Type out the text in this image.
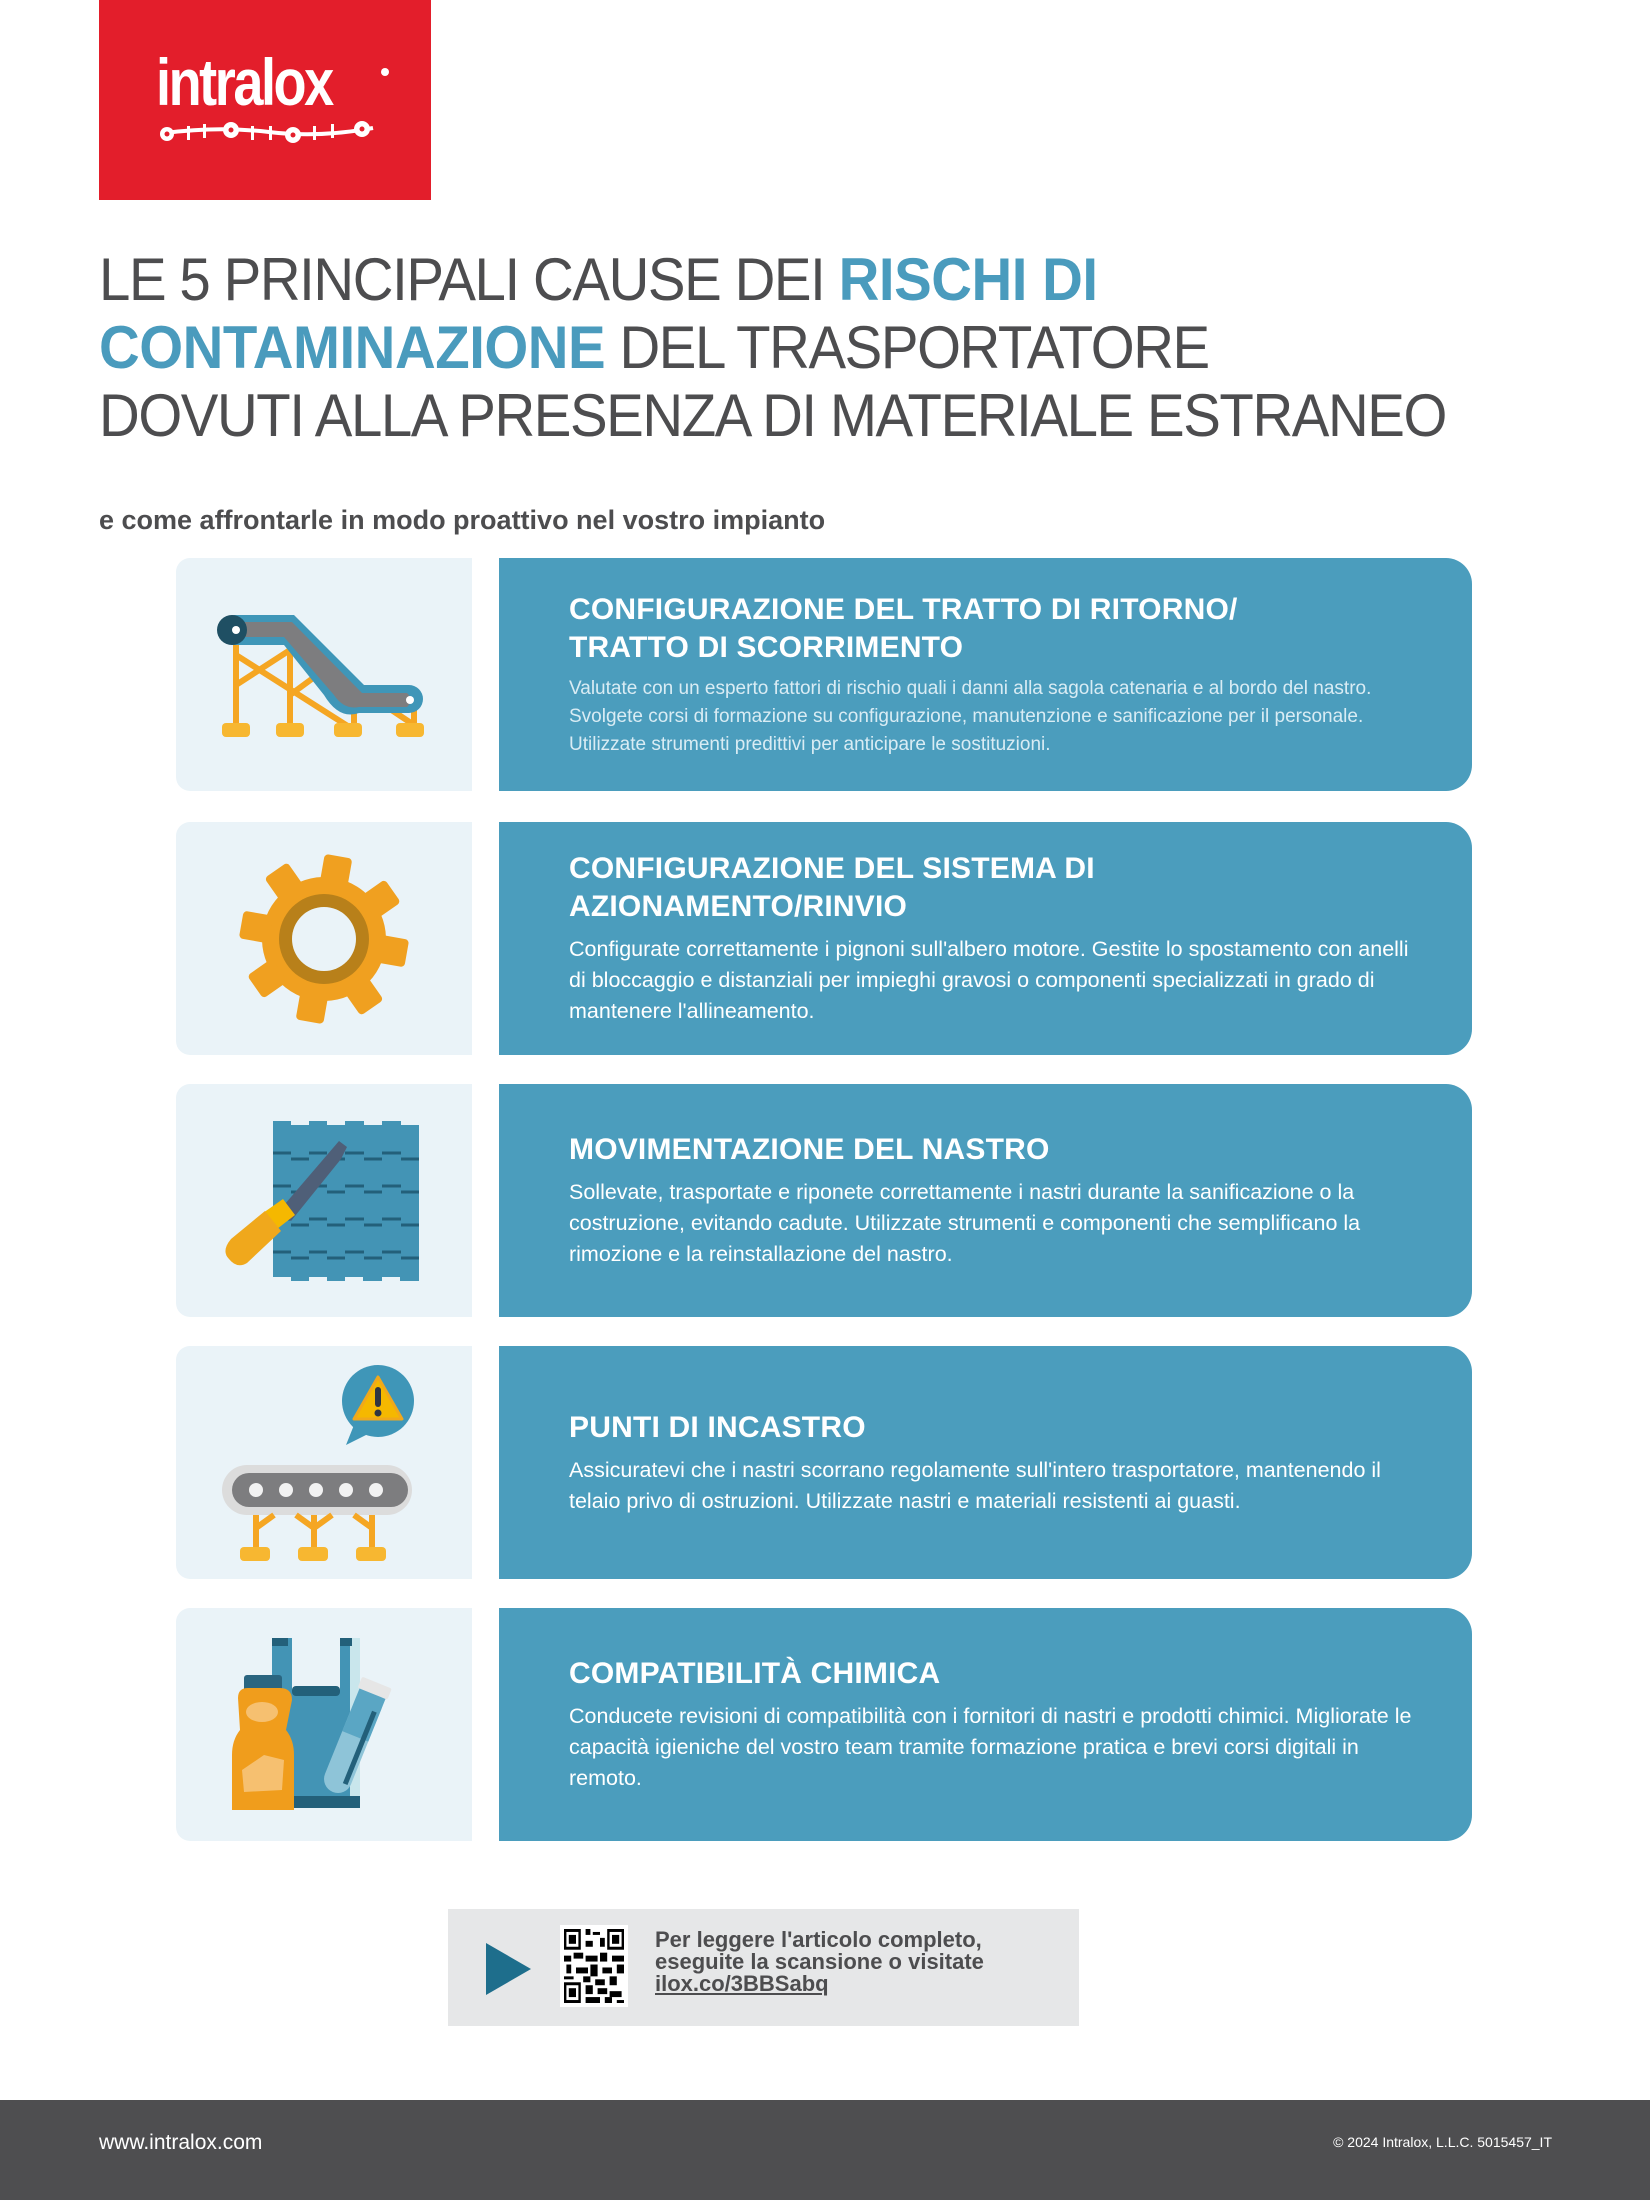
intralox
LE 5 PRINCIPALI CAUSE DEI RISCHI DI
CONTAMINAZIONE DEL TRASPORTATORE
DOVUTI ALLA PRESENZA DI MATERIALE ESTRANEO
e come affrontarle in modo proattivo nel vostro impianto
CONFIGURAZIONE DEL TRATTO DI RITORNO/
TRATTO DI SCORRIMENTO
Valutate con un esperto fattori di rischio quali i danni alla sagola catenaria e al bordo del nastro. Svolgete corsi di formazione su configurazione, manutenzione e sanificazione per il personale. Utilizzate strumenti predittivi per anticipare le sostituzioni.
CONFIGURAZIONE DEL SISTEMA DI
AZIONAMENTO/RINVIO
Configurate correttamente i pignoni sull'albero motore. Gestite lo spostamento con anelli di bloccaggio e distanziali per impieghi gravosi o componenti specializzati in grado di mantenere l'allineamento.
MOVIMENTAZIONE DEL NASTRO
Sollevate, trasportate e riponete correttamente i nastri durante la sanificazione o la costruzione, evitando cadute. Utilizzate strumenti e componenti che semplificano la rimozione e la reinstallazione del nastro.
PUNTI DI INCASTRO
Assicuratevi che i nastri scorrano regolamente sull'intero trasportatore, mantenendo il telaio privo di ostruzioni. Utilizzate nastri e materiali resistenti ai guasti.
COMPATIBILITÀ CHIMICA
Conducete revisioni di compatibilità con i fornitori di nastri e prodotti chimici. Migliorate le capacità igieniche del vostro team tramite formazione pratica e brevi corsi digitali in remoto.
Per leggere l'articolo completo,
eseguite la scansione o visitate
ilox.co/3BBSabq
www.intralox.com	© 2024 Intralox, L.L.C. 5015457_IT
